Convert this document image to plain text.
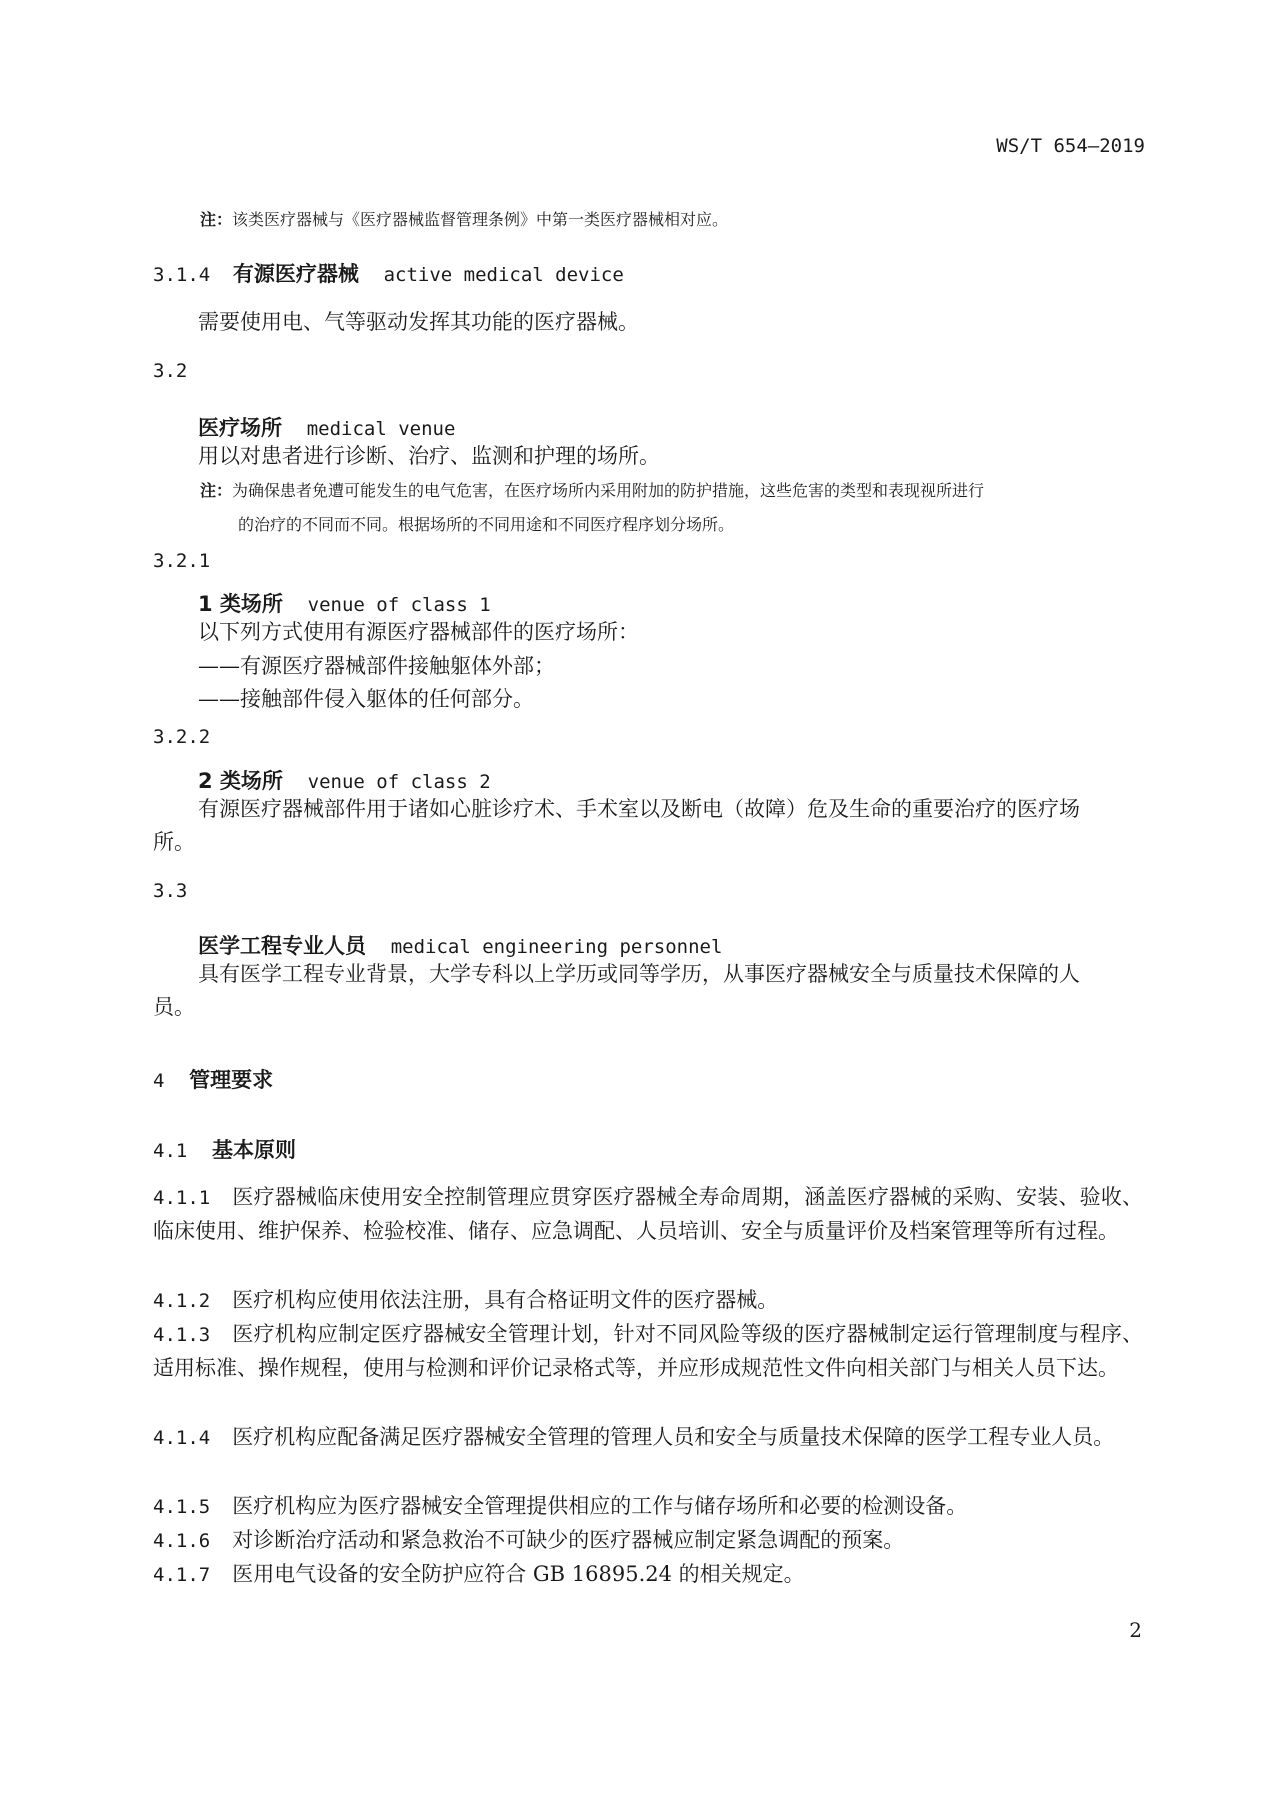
WS/T 654—2019
注：该类医疗器械与《医疗器械监督管理条例》中第一类医疗器械相对应。
3.1.4 有源医疗器械 active medical device
需要使用电、气等驱动发挥其功能的医疗器械。
3.2
医疗场所 medical venue
用以对患者进行诊断、治疗、监测和护理的场所。
注：为确保患者免遭可能发生的电气危害，在医疗场所内采用附加的防护措施，这些危害的类型和表现视所进行
的治疗的不同而不同。根据场所的不同用途和不同医疗程序划分场所。
3.2.1
1 类场所 venue of class 1
以下列方式使用有源医疗器械部件的医疗场所：
——有源医疗器械部件接触躯体外部；
——接触部件侵入躯体的任何部分。
3.2.2
2 类场所 venue of class 2
有源医疗器械部件用于诸如心脏诊疗术、手术室以及断电（故障）危及生命的重要治疗的医疗场
所。
3.3
医学工程专业人员 medical engineering personnel
具有医学工程专业背景，大学专科以上学历或同等学历，从事医疗器械安全与质量技术保障的人
员。
4 管理要求
4.1 基本原则
4.1.1 医疗器械临床使用安全控制管理应贯穿医疗器械全寿命周期，涵盖医疗器械的采购、安装、验收、临床使用、维护保养、检验校准、储存、应急调配、人员培训、安全与质量评价及档案管理等所有过程。
4.1.2 医疗机构应使用依法注册，具有合格证明文件的医疗器械。
4.1.3 医疗机构应制定医疗器械安全管理计划，针对不同风险等级的医疗器械制定运行管理制度与程序、适用标准、操作规程，使用与检测和评价记录格式等，并应形成规范性文件向相关部门与相关人员下达。
4.1.4 医疗机构应配备满足医疗器械安全管理的管理人员和安全与质量技术保障的医学工程专业人员。
4.1.5 医疗机构应为医疗器械安全管理提供相应的工作与储存场所和必要的检测设备。
4.1.6 对诊断治疗活动和紧急救治不可缺少的医疗器械应制定紧急调配的预案。
4.1.7 医用电气设备的安全防护应符合 GB 16895.24 的相关规定。
2
